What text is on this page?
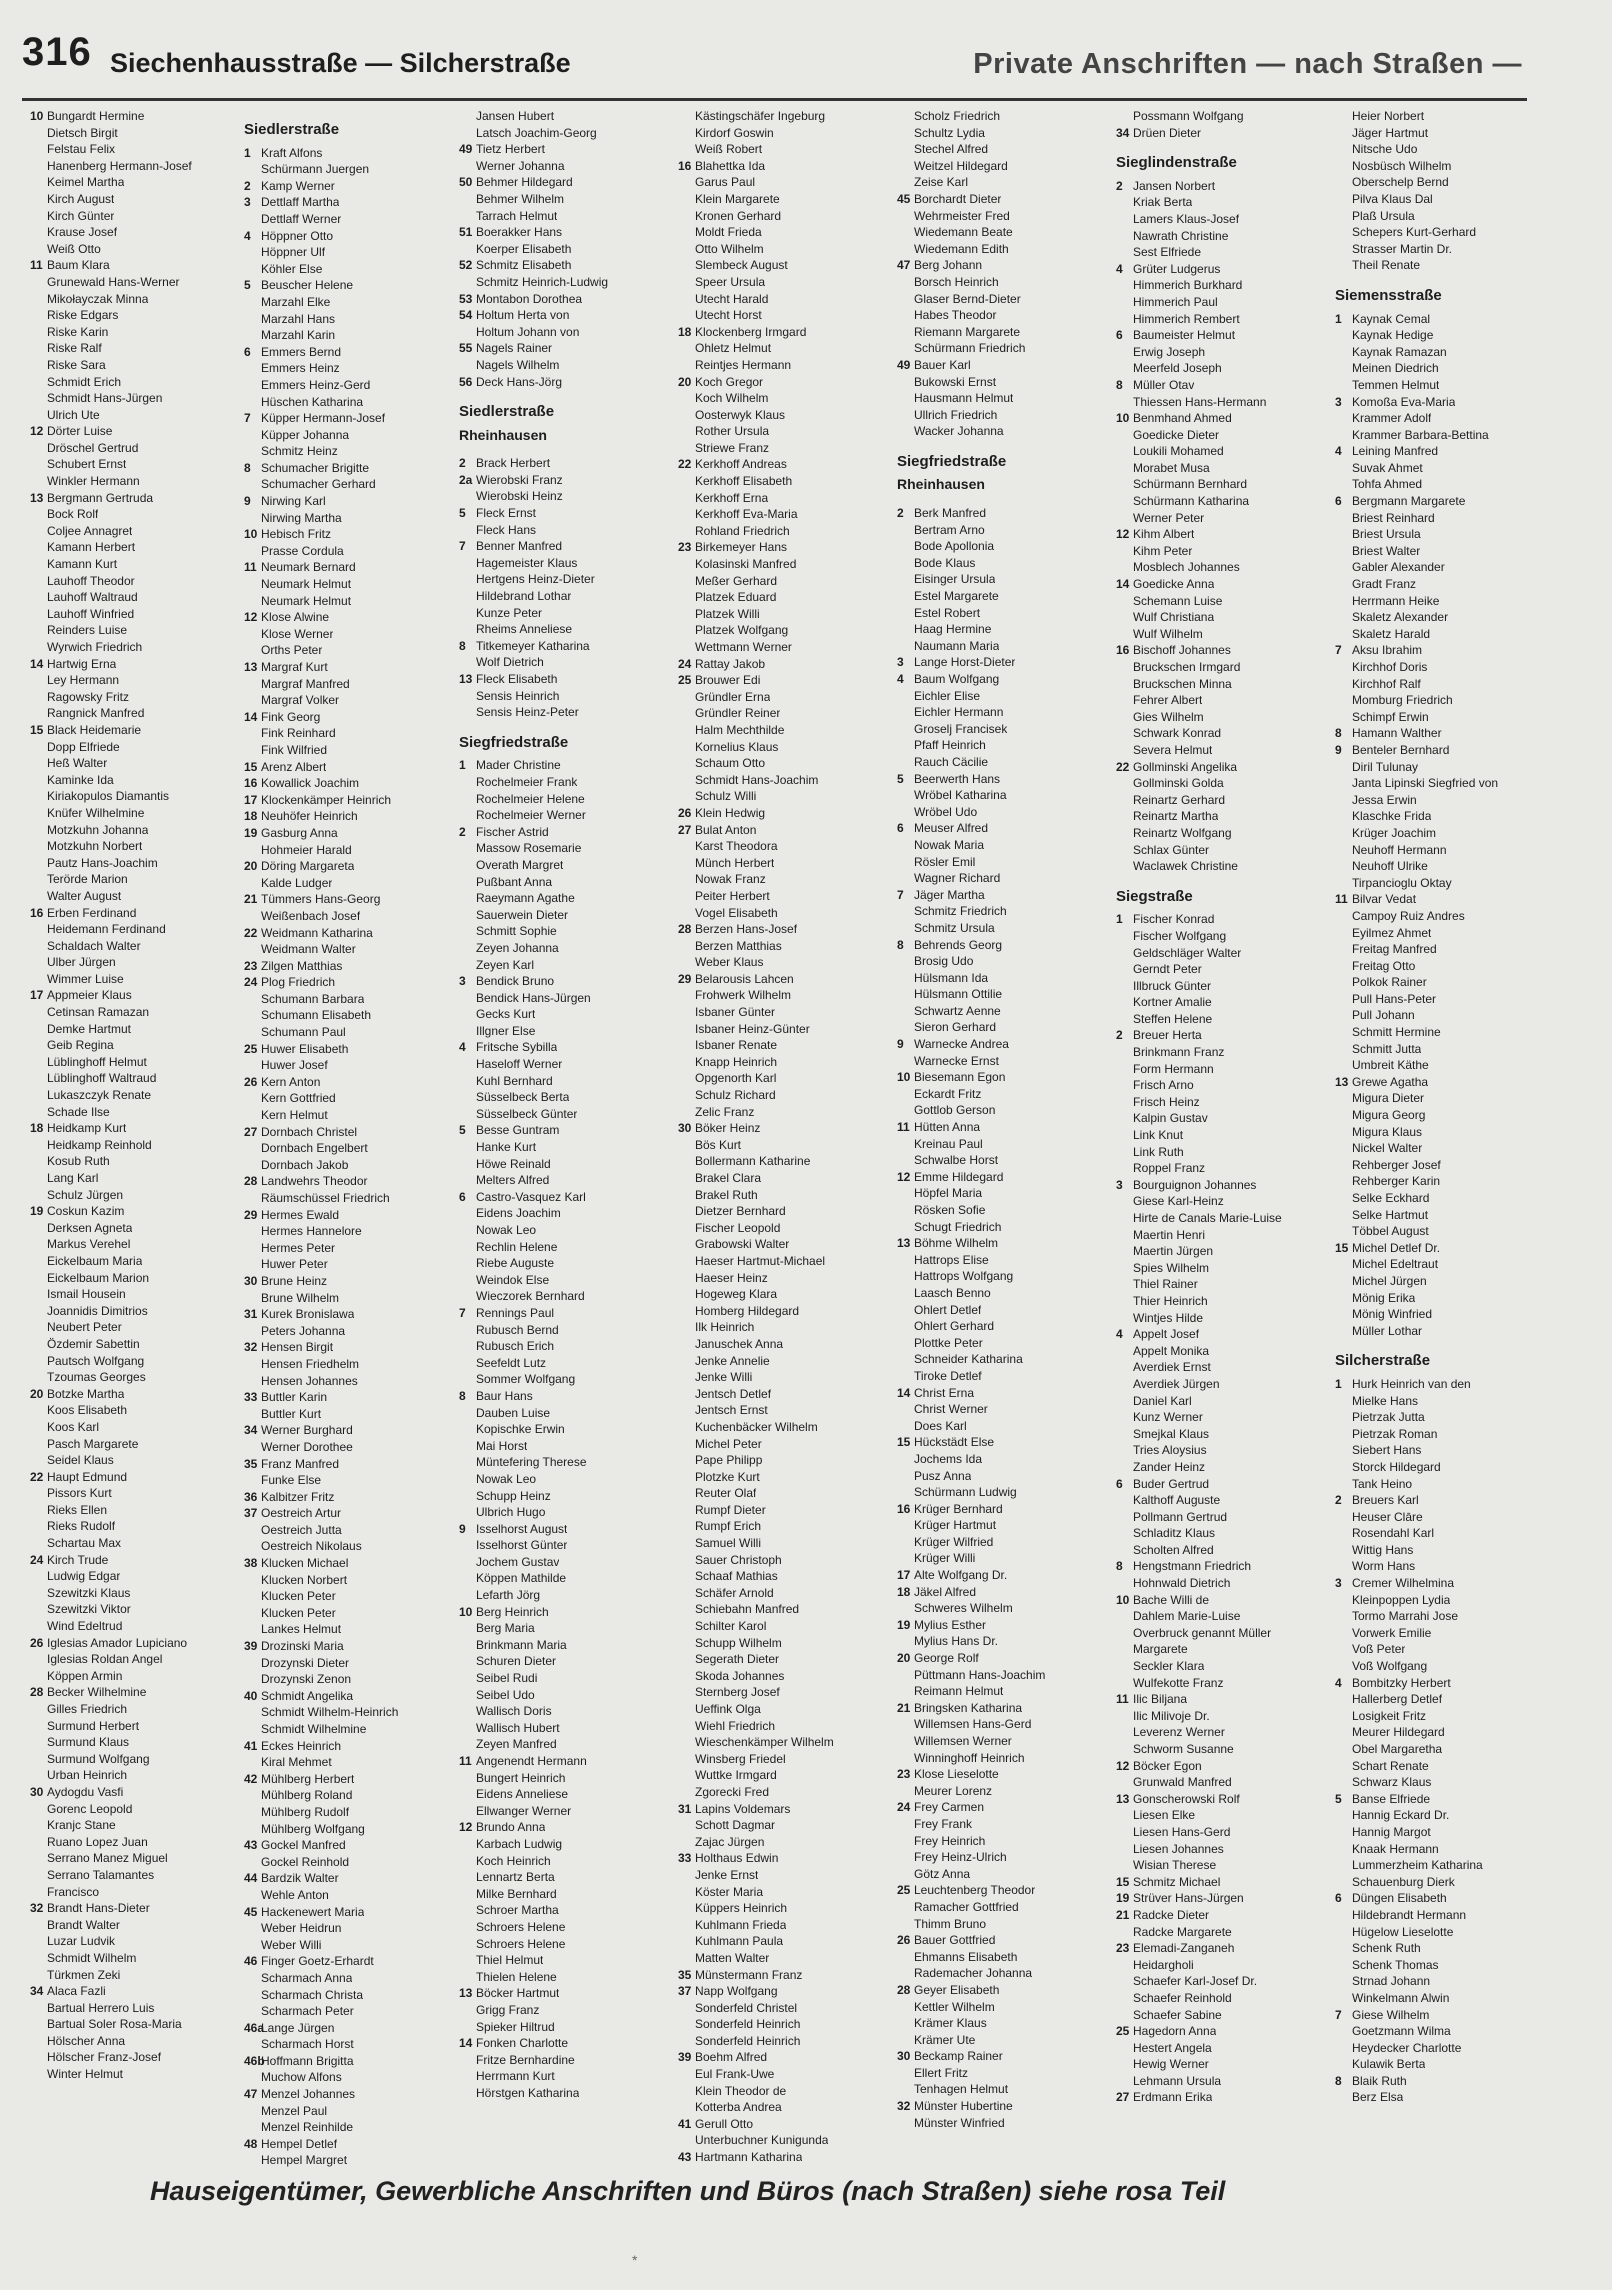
316 Siechenhausstraße — Silcherstraße	Private Anschriften — nach Straßen —
10 Bungardt Hermine
Dietsch Birgit
Felstau Felix
Hanenberg Hermann-Josef
Keimel Martha
Kirch August
Kirch Günter
Krause Josef
Weiß Otto
11 Baum Klara
Grunewald Hans-Werner
Mikołayczak Minna
Riske Edgars
Riske Karin
Riske Ralf
Riske Sara
Schmidt Erich
Schmidt Hans-Jürgen
Ulrich Ute
12 Dörter Luise
Dröschel Gertrud
Schubert Ernst
Winkler Hermann
13 Bergmann Gertruda
Bock Rolf
Coljee Annagret
Kamann Herbert
Kamann Kurt
Lauhoff Theodor
Lauhoff Waltraud
Lauhoff Winfried
Reinders Luise
Wyrwich Friedrich
14 Hartwig Erna
Ley Hermann
Ragowsky Fritz
Rangnick Manfred
15 Black Heidemarie
Dopp Elfriede
Heß Walter
Kaminke Ida
Kiriakopulos Diamantis
Knüfer Wilhelmine
Motzkuhn Johanna
Motzkuhn Norbert
Pautz Hans-Joachim
Terörde Marion
Walter August
16 Erben Ferdinand
Heidemann Ferdinand
Schaldach Walter
Ulber Jürgen
Wimmer Luise
17 Appmeier Klaus
Cetinsan Ramazan
Demke Hartmut
Geib Regina
Lüblinghoff Helmut
Lüblinghoff Waltraud
Lukaszczyk Renate
Schade Ilse
18 Heidkamp Kurt
Heidkamp Reinhold
Kosub Ruth
Lang Karl
Schulz Jürgen
19 Coskun Kazim
Derksen Agneta
Markus Verehel
Eickelbaum Maria
Eickelbaum Marion
Ismail Housein
Joannidis Dimitrios
Neubert Peter
Özdemir Sabettin
Pautsch Wolfgang
Tzoumas Georges
20 Botzke Martha
Koos Elisabeth
Koos Karl
Pasch Margarete
Seidel Klaus
22 Haupt Edmund
Pissors Kurt
Rieks Ellen
Rieks Rudolf
Schartau Max
24 Kirch Trude
Ludwig Edgar
Szewitzki Klaus
Szewitzki Viktor
Wind Edeltrud
26 Iglesias Amador Lupiciano
Iglesias Roldan Angel
Köppen Armin
28 Becker Wilhelmine
Gilles Friedrich
Surmund Herbert
Surmund Klaus
Surmund Wolfgang
Urban Heinrich
30 Aydogdu Vasfi
Gorenc Leopold
Kranjc Stane
Ruano Lopez Juan
Serrano Manez Miguel
Serrano Talamantes
Francisco
32 Brandt Hans-Dieter
Brandt Walter
Luzar Ludvik
Schmidt Wilhelm
Türkmen Zeki
34 Alaca Fazli
Bartual Herrero Luis
Bartual Soler Rosa-Maria
Hölscher Anna
Hölscher Franz-Josef
Winter Helmut
Siedlerstraße
1 Kraft Alfons
Schürmann Juergen
2 Kamp Werner
3 Dettlaff Martha
Dettlaff Werner
4 Höppner Otto
Höppner Ulf
Köhler Else
5 Beuscher Helene
Marzahl Elke
Marzahl Hans
Marzahl Karin
6 Emmers Bernd
Emmers Heinz
Emmers Heinz-Gerd
Hüschen Katharina
7 Küpper Hermann-Josef
Küpper Johanna
Schmitz Heinz
8 Schumacher Brigitte
Schumacher Gerhard
9 Nirwing Karl
Nirwing Martha
10 Hebisch Fritz
Prasse Cordula
11 Neumark Bernard
Neumark Helmut
Neumark Helmut
12 Klose Alwine
Klose Werner
Orths Peter
13 Margraf Kurt
Margraf Manfred
Margraf Volker
14 Fink Georg
Fink Reinhard
Fink Wilfried
15 Arenz Albert
16 Kowallick Joachim
17 Klockenkämper Heinrich
18 Neuhöfer Heinrich
19 Gasburg Anna
Hohmeier Harald
20 Döring Margareta
Kalde Ludger
21 Tümmers Hans-Georg
Weißenbach Josef
22 Weidmann Katharina
Weidmann Walter
23 Zilgen Matthias
24 Plog Friedrich
Schumann Barbara
Schumann Elisabeth
Schumann Paul
25 Huwer Elisabeth
Huwer Josef
26 Kern Anton
Kern Gottfried
Kern Helmut
27 Dornbach Christel
Dornbach Engelbert
Dornbach Jakob
28 Landwehrs Theodor
Räumschüssel Friedrich
29 Hermes Ewald
Hermes Hannelore
Hermes Peter
Huwer Peter
30 Brune Heinz
Brune Wilhelm
31 Kurek Bronislawa
Peters Johanna
32 Hensen Birgit
Hensen Friedhelm
Hensen Johannes
33 Buttler Karin
Buttler Kurt
34 Werner Burghard
Werner Dorothee
35 Franz Manfred
Funke Else
36 Kalbitzer Fritz
37 Oestreich Artur
Oestreich Jutta
Oestreich Nikolaus
38 Klucken Michael
Klucken Norbert
Klucken Peter
Klucken Peter
Lankes Helmut
39 Drozinski Maria
Drozynski Dieter
Drozynski Zenon
40 Schmidt Angelika
Schmidt Wilhelm-Heinrich
Schmidt Wilhelmine
41 Eckes Heinrich
Kiral Mehmet
42 Mühlberg Herbert
Mühlberg Roland
Mühlberg Rudolf
Mühlberg Wolfgang
43 Gockel Manfred
Gockel Reinhold
44 Bardzik Walter
Wehle Anton
45 Hackenewert Maria
Weber Heidrun
Weber Willi
46 Finger Goetz-Erhardt
Scharmach Anna
Scharmach Christa
Scharmach Peter
46a
Lange Jürgen
Scharmach Horst
46b
Hoffmann Brigitta
Muchow Alfons
47 Menzel Johannes
Menzel Paul
Menzel Reinhilde
48 Hempel Detlef
Hempel Margret
Jansen Hubert
Latsch Joachim-Georg
49 Tietz Herbert
Werner Johanna
50 Behmer Hildegard
Behmer Wilhelm
Tarrach Helmut
51 Boerakker Hans
Koerper Elisabeth
52 Schmitz Elisabeth
Schmitz Heinrich-Ludwig
53 Montabon Dorothea
54 Holtum Herta von
Holtum Johann von
55 Nagels Rainer
Nagels Wilhelm
56 Deck Hans-Jörg
Siedlerstraße
Rheinhausen
2 Brack Herbert
2a Wierobski Franz
Wierobski Heinz
5 Fleck Ernst
Fleck Hans
7 Benner Manfred
Hagemeister Klaus
Hertgens Heinz-Dieter
Hildebrand Lothar
Kunze Peter
Rheims Anneliese
8 Titkemeyer Katharina
Wolf Dietrich
13 Fleck Elisabeth
Sensis Heinrich
Sensis Heinz-Peter
Siegfriedstraße
1 Mader Christine
Rochelmeier Frank
Rochelmeier Helene
Rochelmeier Werner
2 Fischer Astrid
Massow Rosemarie
Overath Margret
Pußbant Anna
Raeymann Agathe
Sauerwein Dieter
Schmitt Sophie
Zeyen Johanna
Zeyen Karl
3 Bendick Bruno
Bendick Hans-Jürgen
Gecks Kurt
Illgner Else
4 Fritsche Sybilla
Haseloff Werner
Kuhl Bernhard
Süsselbeck Berta
Süsselbeck Günter
5 Besse Guntram
Hanke Kurt
Höwe Reinald
Melters Alfred
6 Castro-Vasquez Karl
Eidens Joachim
Nowak Leo
Rechlin Helene
Riebe Auguste
Weindok Else
Wieczorek Bernhard
7 Rennings Paul
Rubusch Bernd
Rubusch Erich
Seefeldt Lutz
Sommer Wolfgang
8 Baur Hans
Dauben Luise
Kopischke Erwin
Mai Horst
Müntefering Therese
Nowak Leo
Schupp Heinz
Ulbrich Hugo
9 Isselhorst August
Isselhorst Günter
Jochem Gustav
Köppen Mathilde
Lefarth Jörg
10 Berg Heinrich
Berg Maria
Brinkmann Maria
Schuren Dieter
Seibel Rudi
Seibel Udo
Wallisch Doris
Wallisch Hubert
Zeyen Manfred
11 Angenendt Hermann
Bungert Heinrich
Eidens Anneliese
Ellwanger Werner
12 Brundo Anna
Karbach Ludwig
Koch Heinrich
Lennartz Berta
Milke Bernhard
Schroer Martha
Schroers Helene
Schroers Helene
Thiel Helmut
Thielen Helene
13 Böcker Hartmut
Grigg Franz
Spieker Hiltrud
14 Fonken Charlotte
Fritze Bernhardine
Herrmann Kurt
Hörstgen Katharina
Kästingschäfer Ingeburg
Kirdorf Goswin
Weiß Robert
16 Blahettka Ida
Garus Paul
Klein Margarete
Kronen Gerhard
Moldt Frieda
Otto Wilhelm
Slembeck August
Speer Ursula
Utecht Harald
Utecht Horst
18 Klockenberg Irmgard
Ohletz Helmut
Reintjes Hermann
20 Koch Gregor
Koch Wilhelm
Oosterwyk Klaus
Rother Ursula
Striewe Franz
22 Kerkhoff Andreas
Kerkhoff Elisabeth
Kerkhoff Erna
Kerkhoff Eva-Maria
Rohland Friedrich
23 Birkemeyer Hans
Kolasinski Manfred
Meßer Gerhard
Platzek Eduard
Platzek Willi
Platzek Wolfgang
Wettmann Werner
24 Rattay Jakob
25 Brouwer Edi
Gründler Erna
Gründler Reiner
Halm Mechthilde
Kornelius Klaus
Schaum Otto
Schmidt Hans-Joachim
Schulz Willi
26 Klein Hedwig
27 Bulat Anton
Karst Theodora
Münch Herbert
Nowak Franz
Peiter Herbert
Vogel Elisabeth
28 Berzen Hans-Josef
Berzen Matthias
Weber Klaus
29 Belarousis Lahcen
Frohwerk Wilhelm
Isbaner Günter
Isbaner Heinz-Günter
Isbaner Renate
Knapp Heinrich
Opgenorth Karl
Schulz Richard
Zelic Franz
30 Böker Heinz
Bös Kurt
Bollermann Katharine
Brakel Clara
Brakel Ruth
Dietzer Bernhard
Fischer Leopold
Grabowski Walter
Haeser Hartmut-Michael
Haeser Heinz
Hogeweg Klara
Homberg Hildegard
Ilk Heinrich
Januschek Anna
Jenke Annelie
Jenke Willi
Jentsch Detlef
Jentsch Ernst
Kuchenbäcker Wilhelm
Michel Peter
Pape Philipp
Plotzke Kurt
Reuter Olaf
Rumpf Dieter
Rumpf Erich
Samuel Willi
Sauer Christoph
Schaaf Mathias
Schäfer Arnold
Schiebahn Manfred
Schilter Karol
Schupp Wilhelm
Segerath Dieter
Skoda Johannes
Sternberg Josef
Ueffink Olga
Wiehl Friedrich
Wieschenkämper Wilhelm
Winsberg Friedel
Wuttke Irmgard
Zgorecki Fred
31 Lapins Voldemars
Schott Dagmar
Zajac Jürgen
33 Holthaus Edwin
Jenke Ernst
Köster Maria
Küppers Heinrich
Kuhlmann Frieda
Kuhlmann Paula
Matten Walter
35 Münstermann Franz
37 Napp Wolfgang
Sonderfeld Christel
Sonderfeld Heinrich
Sonderfeld Heinrich
39 Boehm Alfred
Eul Frank-Uwe
Klein Theodor de
Kotterba Andrea
41 Gerull Otto
Unterbuchner Kunigunda
43 Hartmann Katharina
Scholz Friedrich
Schultz Lydia
Stechel Alfred
Weitzel Hildegard
Zeise Karl
45 Borchardt Dieter
Wehrmeister Fred
Wiedemann Beate
Wiedemann Edith
47 Berg Johann
Borsch Heinrich
Glaser Bernd-Dieter
Habes Theodor
Riemann Margarete
Schürmann Friedrich
49 Bauer Karl
Bukowski Ernst
Hausmann Helmut
Ullrich Friedrich
Wacker Johanna
Siegfriedstraße
Rheinhausen
2 Berk Manfred
Bertram Arno
Bode Apollonia
Bode Klaus
Eisinger Ursula
Estel Margarete
Estel Robert
Haag Hermine
Naumann Maria
3 Lange Horst-Dieter
4 Baum Wolfgang
Eichler Elise
Eichler Hermann
Groselj Francisek
Pfaff Heinrich
Rauch Cäcilie
5 Beerwerth Hans
Wröbel Katharina
Wröbel Udo
6 Meuser Alfred
Nowak Maria
Rösler Emil
Wagner Richard
7 Jäger Martha
Schmitz Friedrich
Schmitz Ursula
8 Behrends Georg
Brosig Udo
Hülsmann Ida
Hülsmann Ottilie
Schwartz Aenne
Sieron Gerhard
9 Warnecke Andrea
Warnecke Ernst
10 Biesemann Egon
Eckardt Fritz
Gottlob Gerson
11 Hütten Anna
Kreinau Paul
Schwalbe Horst
12 Emme Hildegard
Höpfel Maria
Rösken Sofie
Schugt Friedrich
13 Böhme Wilhelm
Hattrops Elise
Hattrops Wolfgang
Laasch Benno
Ohlert Detlef
Ohlert Gerhard
Plottke Peter
Schneider Katharina
Tiroke Detlef
14 Christ Erna
Christ Werner
Does Karl
15 Hückstädt Else
Jochems Ida
Pusz Anna
Schürmann Ludwig
16 Krüger Bernhard
Krüger Hartmut
Krüger Wilfried
Krüger Willi
17 Alte Wolfgang Dr.
18 Jäkel Alfred
Schweres Wilhelm
19 Mylius Esther
Mylius Hans Dr.
20 George Rolf
Püttmann Hans-Joachim
Reimann Helmut
21 Bringsken Katharina
Willemsen Hans-Gerd
Willemsen Werner
Winninghoff Heinrich
23 Klose Lieselotte
Meurer Lorenz
24 Frey Carmen
Frey Frank
Frey Heinrich
Frey Heinz-Ulrich
Götz Anna
25 Leuchtenberg Theodor
Ramacher Gottfried
Thimm Bruno
26 Bauer Gottfried
Ehmanns Elisabeth
Rademacher Johanna
28 Geyer Elisabeth
Kettler Wilhelm
Krämer Klaus
Krämer Ute
30 Beckamp Rainer
Ellert Fritz
Tenhagen Helmut
32 Münster Hubertine
Münster Winfried
Possmann Wolfgang
34 Drüen Dieter
Sieglindenstraße
2 Jansen Norbert
Kriak Berta
Lamers Klaus-Josef
Nawrath Christine
Sest Elfriede
4 Grüter Ludgerus
Himmerich Burkhard
Himmerich Paul
Himmerich Rembert
6 Baumeister Helmut
Erwig Joseph
Meerfeld Joseph
8 Müller Otav
Thiessen Hans-Hermann
10 Benmhand Ahmed
Goedicke Dieter
Loukili Mohamed
Morabet Musa
Schürmann Bernhard
Schürmann Katharina
Werner Peter
12 Kihm Albert
Kihm Peter
Mosblech Johannes
14 Goedicke Anna
Schemann Luise
Wulf Christiana
Wulf Wilhelm
16 Bischoff Johannes
Bruckschen Irmgard
Bruckschen Minna
Fehrer Albert
Gies Wilhelm
Schwark Konrad
Severa Helmut
22 Gollminski Angelika
Gollminski Golda
Reinartz Gerhard
Reinartz Martha
Reinartz Wolfgang
Schlax Günter
Waclawek Christine
Siegstraße
1 Fischer Konrad
Fischer Wolfgang
Geldschläger Walter
Gerndt Peter
Illbruck Günter
Kortner Amalie
Steffen Helene
2 Breuer Herta
Brinkmann Franz
Form Hermann
Frisch Arno
Frisch Heinz
Kalpin Gustav
Link Knut
Link Ruth
Roppel Franz
3 Bourguignon Johannes
Giese Karl-Heinz
Hirte de Canals Marie-Luise
Maertin Henri
Maertin Jürgen
Spies Wilhelm
Thiel Rainer
Thier Heinrich
Wintjes Hilde
4 Appelt Josef
Appelt Monika
Averdiek Ernst
Averdiek Jürgen
Daniel Karl
Kunz Werner
Smejkal Klaus
Tries Aloysius
Zander Heinz
6 Buder Gertrud
Kalthoff Auguste
Pollmann Gertrud
Schladitz Klaus
Scholten Alfred
8 Hengstmann Friedrich
Hohnwald Dietrich
10 Bache Willi de
Dahlem Marie-Luise
Overbruck genannt Müller
Margarete
Seckler Klara
Wulfekotte Franz
11 Ilic Biljana
Ilic Milivoje Dr.
Leverenz Werner
Schworm Susanne
12 Böcker Egon
Grunwald Manfred
13 Gonscherowski Rolf
Liesen Elke
Liesen Hans-Gerd
Liesen Johannes
Wisian Therese
15 Schmitz Michael
19 Strüver Hans-Jürgen
21 Radcke Dieter
Radcke Margarete
23 Elemadi-Zanganeh
Heidargholi
Schaefer Karl-Josef Dr.
Schaefer Reinhold
Schaefer Sabine
25 Hagedorn Anna
Hestert Angela
Hewig Werner
Lehmann Ursula
27 Erdmann Erika
Heier Norbert
Jäger Hartmut
Nitsche Udo
Nosbüsch Wilhelm
Oberschelp Bernd
Pilva Klaus Dal
Plaß Ursula
Schepers Kurt-Gerhard
Strasser Martin Dr.
Theil Renate
Siemensstraße
1 Kaynak Cemal
Kaynak Hedige
Kaynak Ramazan
Meinen Diedrich
Temmen Helmut
3 Komoßa Eva-Maria
Krammer Adolf
Krammer Barbara-Bettina
4 Leining Manfred
Suvak Ahmet
Tohfa Ahmed
6 Bergmann Margarete
Briest Reinhard
Briest Ursula
Briest Walter
Gabler Alexander
Gradt Franz
Herrmann Heike
Skaletz Alexander
Skaletz Harald
7 Aksu Ibrahim
Kirchhof Doris
Kirchhof Ralf
Momburg Friedrich
Schimpf Erwin
8 Hamann Walther
9 Benteler Bernhard
Diril Tulunay
Janta Lipinski Siegfried von
Jessa Erwin
Klaschke Frida
Krüger Joachim
Neuhoff Hermann
Neuhoff Ulrike
Tirpancioglu Oktay
11 Bilvar Vedat
Campoy Ruiz Andres
Eyilmez Ahmet
Freitag Manfred
Freitag Otto
Polkok Rainer
Pull Hans-Peter
Pull Johann
Schmitt Hermine
Schmitt Jutta
Umbreit Käthe
13 Grewe Agatha
Migura Dieter
Migura Georg
Migura Klaus
Nickel Walter
Rehberger Josef
Rehberger Karin
Selke Eckhard
Selke Hartmut
Többel August
15 Michel Detlef Dr.
Michel Edeltraut
Michel Jürgen
Mönig Erika
Mönig Winfried
Müller Lothar
Silcherstraße
1 Hurk Heinrich van den
Mielke Hans
Pietrzak Jutta
Pietrzak Roman
Siebert Hans
Storck Hildegard
Tank Heino
2 Breuers Karl
Heuser Clāre
Rosendahl Karl
Wittig Hans
Worm Hans
3 Cremer Wilhelmina
Kleinpoppen Lydia
Tormo Marrahi Jose
Vorwerk Emilie
Voß Peter
Voß Wolfgang
4 Bombitzky Herbert
Hallerberg Detlef
Losigkeit Fritz
Meurer Hildegard
Obel Margaretha
Schart Renate
Schwarz Klaus
5 Banse Elfriede
Hannig Eckard Dr.
Hannig Margot
Knaak Hermann
Lummerzheim Katharina
Schauenburg Dierk
6 Düngen Elisabeth
Hildebrandt Hermann
Hügelow Lieselotte
Schenk Ruth
Schenk Thomas
Strnad Johann
Winkelmann Alwin
7 Giese Wilhelm
Goetzmann Wilma
Heydecker Charlotte
Kulawik Berta
8 Blaik Ruth
Berz Elsa
Hauseigentümer, Gewerbliche Anschriften und Büros (nach Straßen) siehe rosa Teil
*
